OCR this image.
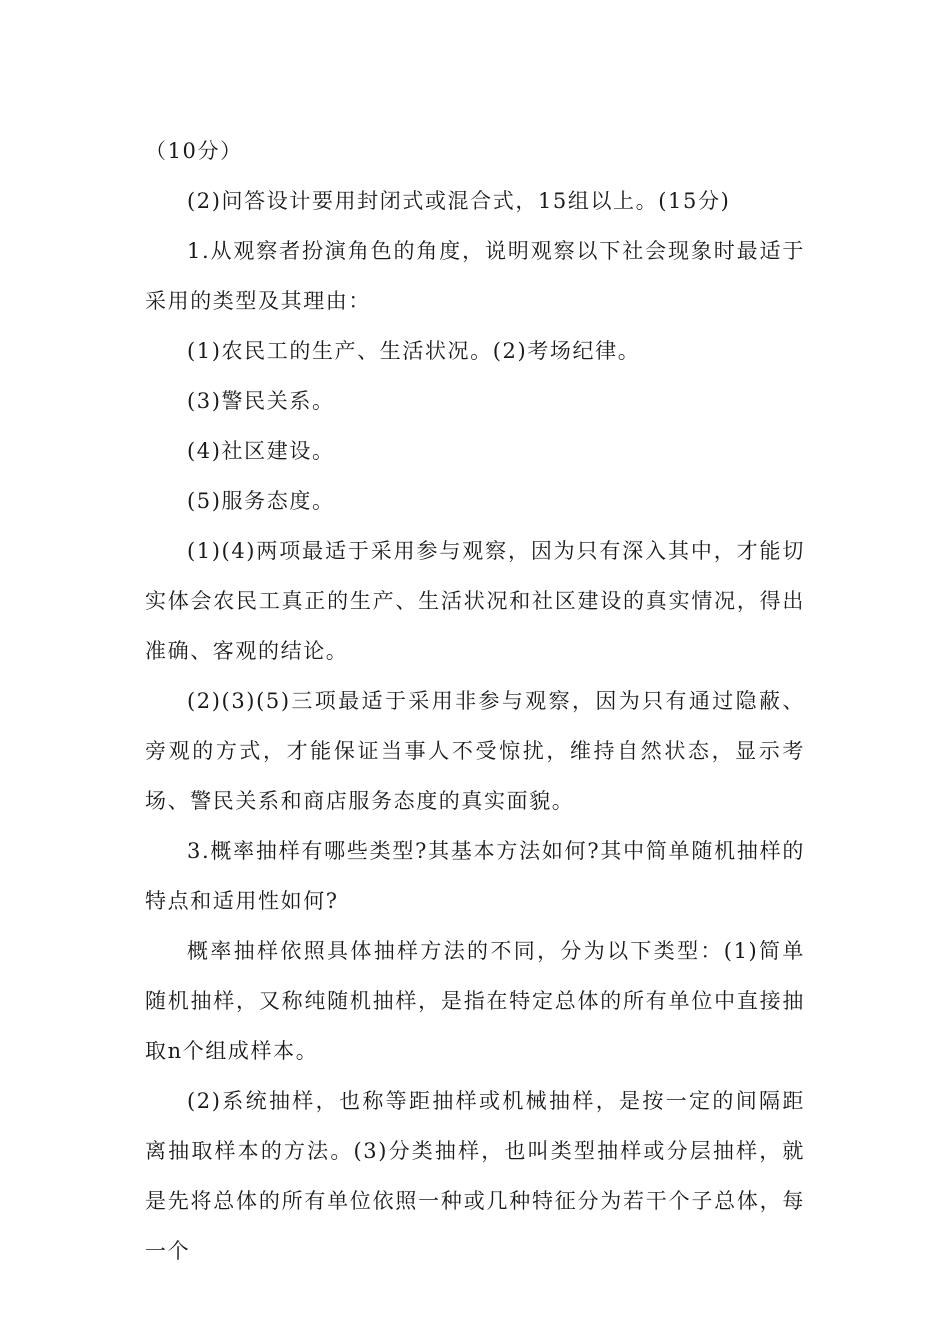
（10分）

(2)问答设计要用封闭式或混合式，15组以上。(15分)

1.从观察者扮演角色的角度，说明观察以下社会现象时最适于采用的类型及其理由：

(1)农民工的生产、生活状况。(2)考场纪律。

(3)警民关系。

(4)社区建设。

(5)服务态度。

(1)(4)两项最适于采用参与观察，因为只有深入其中，才能切实体会农民工真正的生产、生活状况和社区建设的真实情况，得出准确、客观的结论。

(2)(3)(5)三项最适于采用非参与观察，因为只有通过隐蔽、旁观的方式，才能保证当事人不受惊扰，维持自然状态，显示考场、警民关系和商店服务态度的真实面貌。

3.概率抽样有哪些类型?其基本方法如何?其中简单随机抽样的特点和适用性如何?

概率抽样依照具体抽样方法的不同，分为以下类型：(1)简单随机抽样，又称纯随机抽样，是指在特定总体的所有单位中直接抽取n个组成样本。

(2)系统抽样，也称等距抽样或机械抽样，是按一定的间隔距离抽取样本的方法。(3)分类抽样，也叫类型抽样或分层抽样，就是先将总体的所有单位依照一种或几种特征分为若干个子总体，每一个
